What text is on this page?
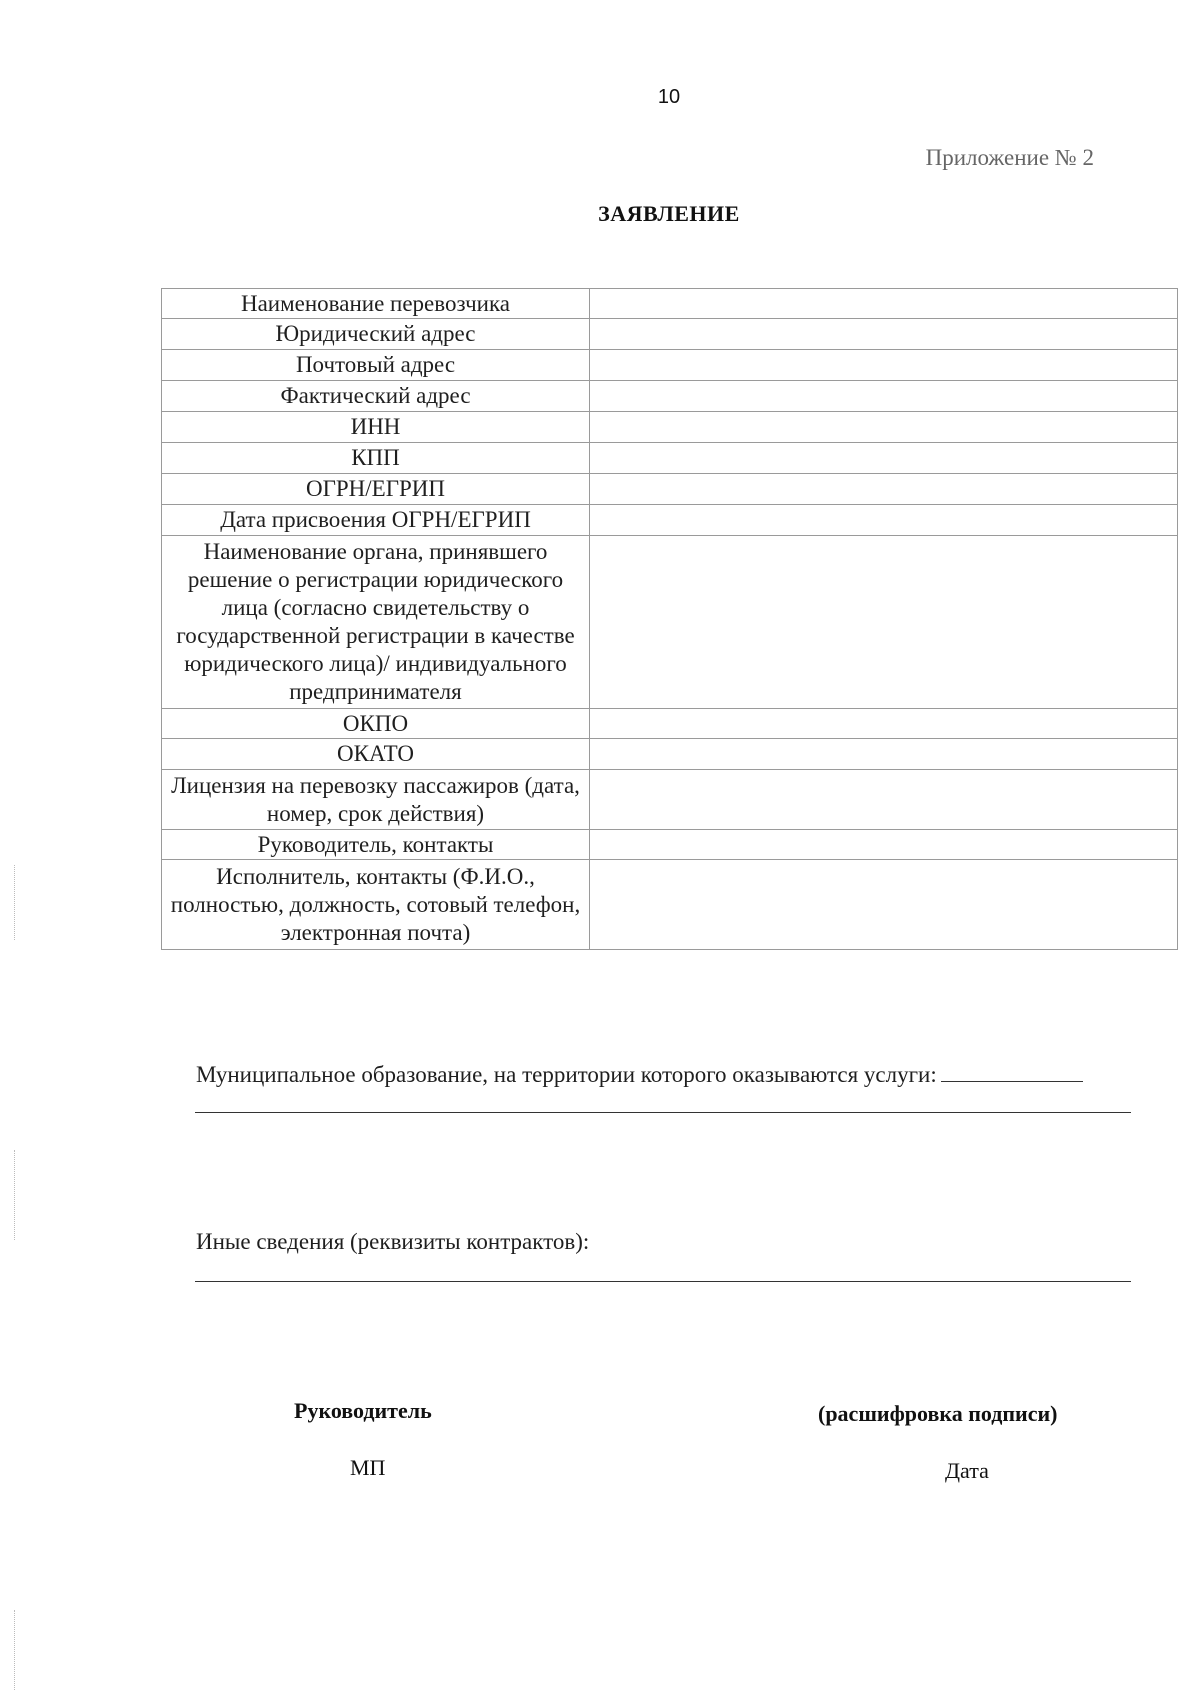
10
Приложение № 2
ЗАЯВЛЕНИЕ
Наименование перевозчика	
Юридический адрес	
Почтовый адрес	
Фактический адрес	
ИНН	
КПП	
ОГРН/ЕГРИП	
Дата присвоения ОГРН/ЕГРИП	
Наименование органа, принявшего решение о регистрации юридического лица (согласно свидетельству о государственной регистрации в качестве юридического лица)/ индивидуального предпринимателя	
ОКПО	
ОКАТО	
Лицензия на перевозку пассажиров (дата, номер, срок действия)	
Руководитель, контакты	
Исполнитель, контакты (Ф.И.О., полностью, должность, сотовый телефон, электронная почта)	
Муниципальное образование, на территории которого оказываются услуги:
Иные сведения (реквизиты контрактов):
Руководитель	(расшифровка подписи)
МП	Дата
